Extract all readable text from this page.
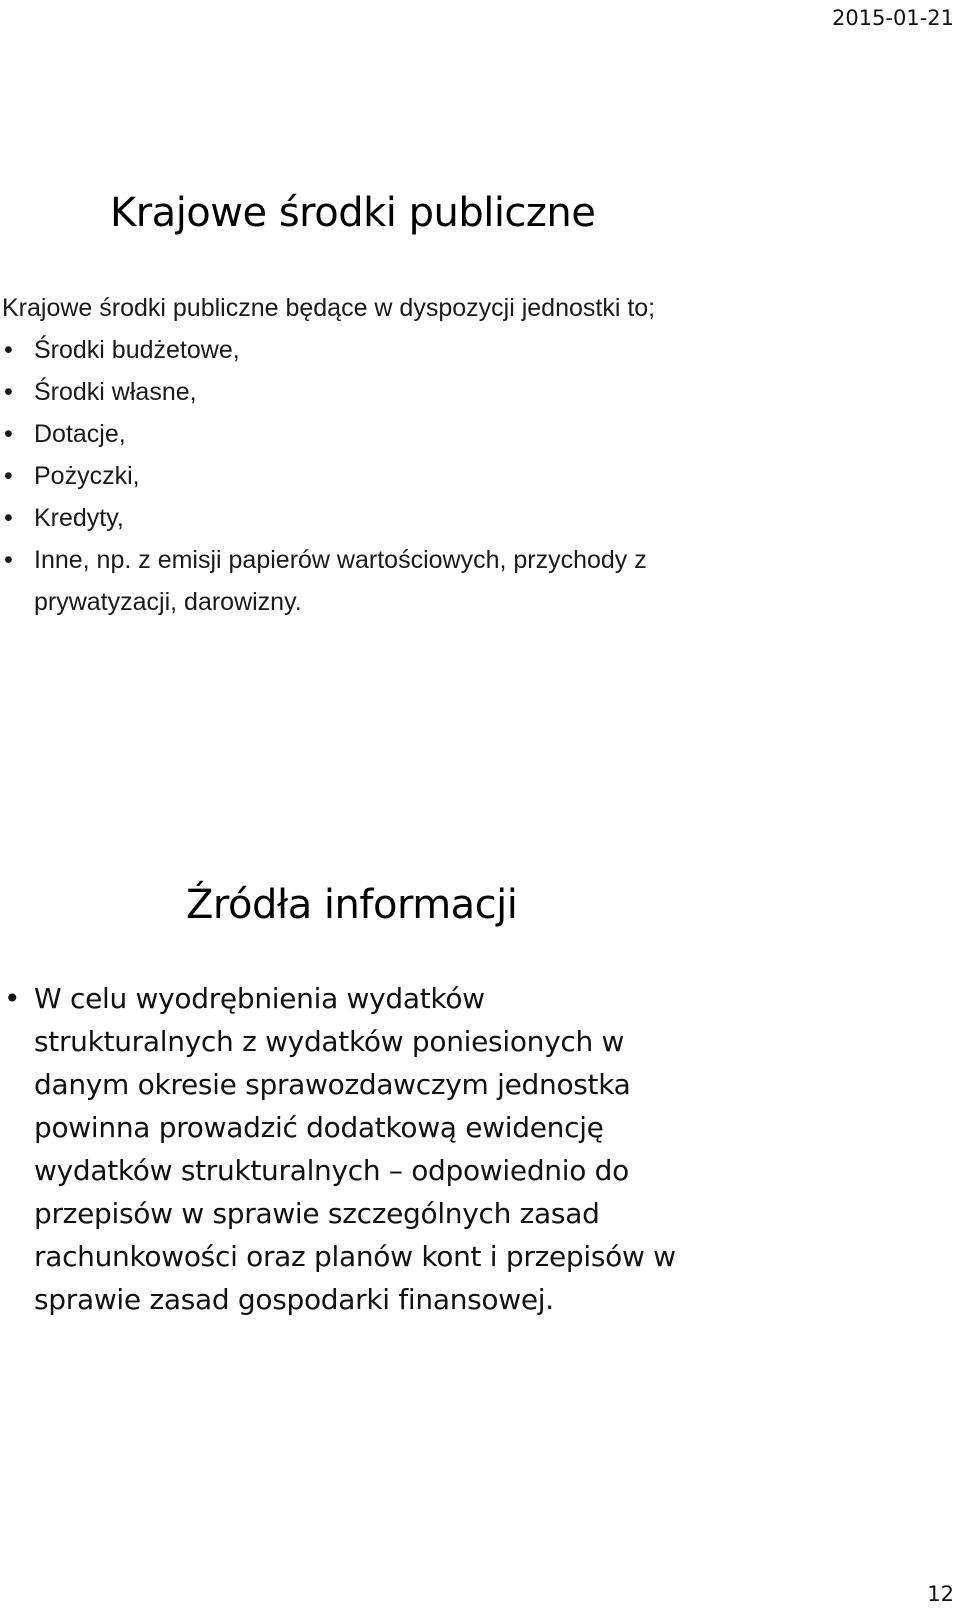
2015-01-21
Krajowe środki publiczne

Krajowe środki publiczne będące w dyspozycji jednostki to;

• Środki budżetowe,
• Środki własne,
• Dotacje,
• Pożyczki,
• Kredyty,
• Inne, np. z emisji papierów wartościowych, przychody z prywatyzacji, darowizny.
Źródła informacji
• W celu wyodrębnienia wydatków strukturalnych z wydatków poniesionych w danym okresie sprawozdawczym jednostka powinna prowadzić dodatkową ewidencję wydatków strukturalnych – odpowiednio do przepisów w sprawie szczególnych zasad rachunkowości oraz planów kont i przepisów w sprawie zasad gospodarki finansowej.
12
